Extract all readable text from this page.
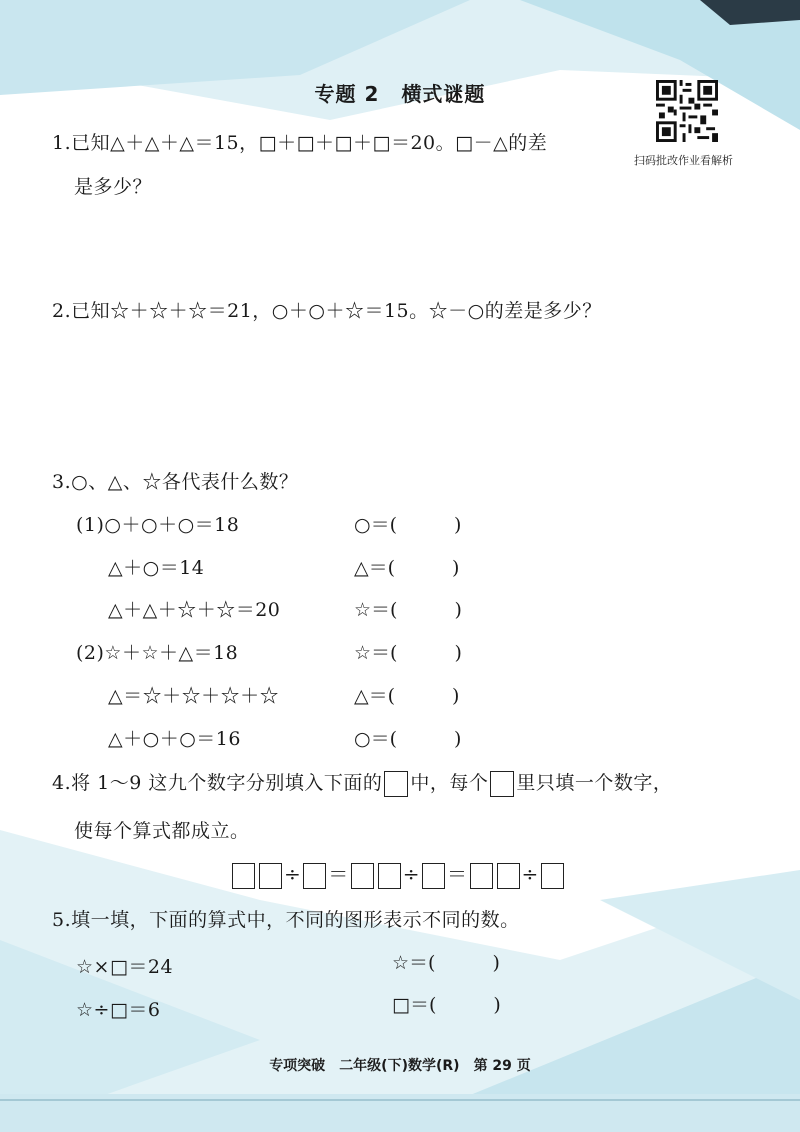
专题 2 横式谜题
扫码批改作业看解析
1.已知△＋△＋△＝15，□＋□＋□＋□＝20。□－△的差
是多少？
2.已知☆＋☆＋☆＝21，○＋○＋☆＝15。☆－○的差是多少？
3.○、△、☆各代表什么数？
(1)○＋○＋○＝18	○＝(　　　)
△＋○＝14	△＝(　　　)
△＋△＋☆＋☆＝20	☆＝(　　　)
(2)☆＋☆＋△＝18	☆＝(　　　)
△＝☆＋☆＋☆＋☆	△＝(　　　)
△＋○＋○＝16	○＝(　　　)
4.将 1～9 这九个数字分别填入下面的 中，每个 里只填一个数字，
使每个算式都成立。
÷ ＝	÷ ＝	÷
5.填一填，下面的算式中，不同的图形表示不同的数。
☆×□＝24	☆＝(　　　)
☆÷□＝6	□＝(　　　)
专项突破 二年级(下)数学(R) 第 29 页
